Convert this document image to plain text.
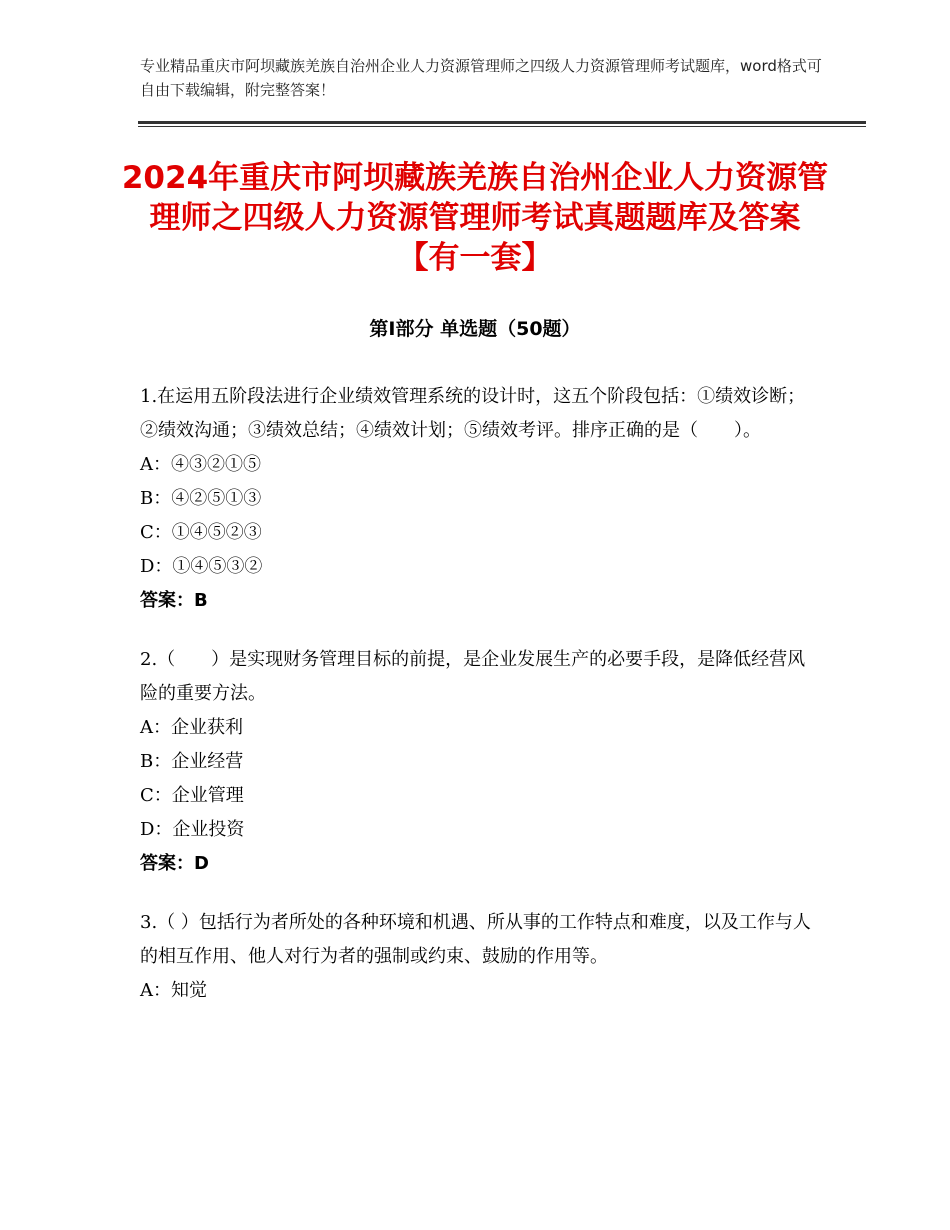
专业精品重庆市阿坝藏族羌族自治州企业人力资源管理师之四级人力资源管理师考试题库，word格式可自由下载编辑，附完整答案！
2024年重庆市阿坝藏族羌族自治州企业人力资源管理师之四级人力资源管理师考试真题题库及答案【有一套】
第Ⅰ部分 单选题（50题）

1.在运用五阶段法进行企业绩效管理系统的设计时，这五个阶段包括：①绩效诊断；②绩效沟通；③绩效总结；④绩效计划；⑤绩效考评。排序正确的是（　　）。

A：④③②①⑤

B：④②⑤①③

C：①④⑤②③

D：①④⑤③②

答案：B

2.（　　）是实现财务管理目标的前提，是企业发展生产的必要手段，是降低经营风险的重要方法。

A：企业获利

B：企业经营

C：企业管理

D：企业投资

答案：D

3.（ ）包括行为者所处的各种环境和机遇、所从事的工作特点和难度，以及工作与人的相互作用、他人对行为者的强制或约束、鼓励的作用等。

A：知觉
